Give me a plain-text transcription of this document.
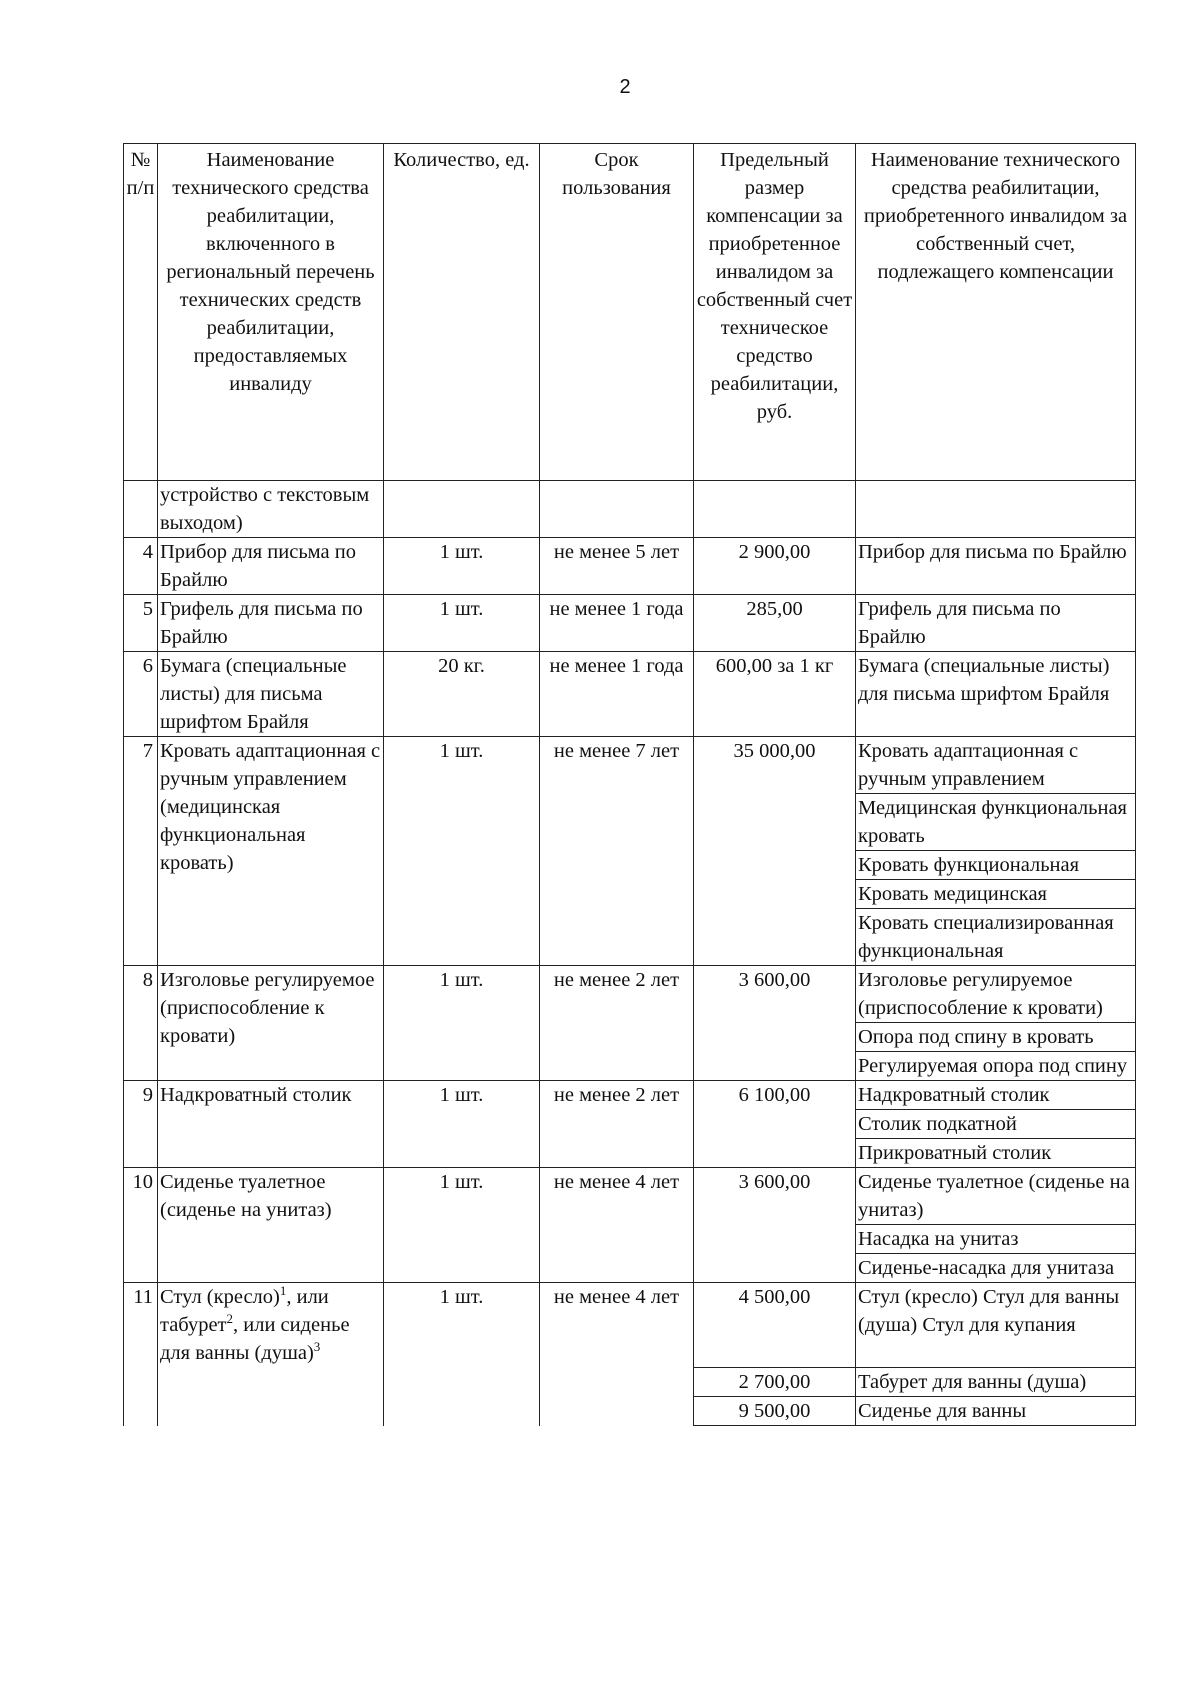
2
№ п/п	Наименование технического средства реабилитации, включенного в региональный перечень технических средств реабилитации, предоставляемых инвалиду	Количество, ед.	Срок пользования	Предельный размер компенсации за приобретенное инвалидом за собственный счет техническое средство реабилитации, руб.	Наименование технического средства реабилитации, приобретенного инвалидом за собственный счет, подлежащего компенсации
	устройство с текстовым выходом)				
4	Прибор для письма по Брайлю	1 шт.	не менее 5 лет	2 900,00	Прибор для письма по Брайлю

5	Грифель для письма по Брайлю	1 шт.	не менее 1 года	285,00	Грифель для письма по Брайлю

6	Бумага (специальные листы) для письма шрифтом Брайля	20 кг.	не менее 1 года	600,00 за 1 кг	Бумага (специальные листы) для письма шрифтом Брайля

7	Кровать адаптационная с ручным управлением (медицинская функциональная кровать)	1 шт.	не менее 7 лет	35 000,00	Кровать адаптационная с ручным управлением
Медицинская функциональная кровать
Кровать функциональная
Кровать медицинская
Кровать специализированная функциональная

8	Изголовье регулируемое (приспособление к кровати)	1 шт.	не менее 2 лет	3 600,00	Изголовье регулируемое (приспособление к кровати)
Опора под спину в кровать
Регулируемая опора под спину

9	Надкроватный столик	1 шт.	не менее 2 лет	6 100,00	Надкроватный столик
Столик подкатной
Прикроватный столик

10	Сиденье туалетное (сиденье на унитаз)	1 шт.	не менее 4 лет	3 600,00	Сиденье туалетное (сиденье на унитаз)
Насадка на унитаз
Сиденье-насадка для унитаза

11	Стул (кресло)$^1$, или табурет$^2$, или сиденье для ванны (душа)$^3$	1 шт.	не менее 4 лет	4 500,00	Стул (кресло) Стул для ванны (душа) Стул для купания
				2 700,00	Табурет для ванны (душа)
				9 500,00	Сиденье для ванны
